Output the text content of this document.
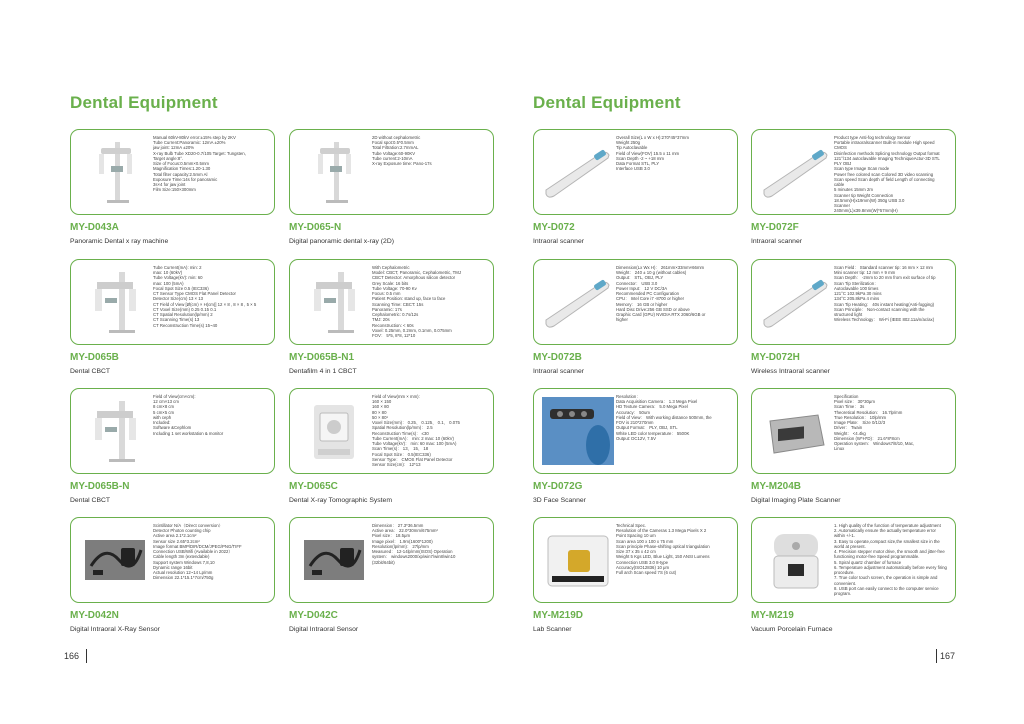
Dental Equipment
166
Manual 60kV-80kV error:±15% step by 2KV
Tube Current:Panoramic: 12mA ±20%
jaw joint: 12mA ±20%
X-ray Bulb Tube XD20-0.7/105 Target: Tungsten,
Target angle:8°.
Size of Focus:0.5mm×0.5mm
Magnification Times:1.20-1.30
Total filter capacity:2.5mm Al
Exposure Time:14s for panoramic
3s×4 for jaw joint
Film Size:150×300mm
MY-D043A
Panoramic Dental x ray machine
2D without cephalometric
Focal spot:0.5*0.5mm
Total Filtration:2.7mmAL
Tube Voltage:60-90KV
Tube current:2-10mA
X-ray Exposure time: Pano-17s
MY-D065-N
Digital panoramic dental x-ray (2D)
Tube Current(mA): min: 2
max: 10 (60kV)
Tube Voltage(kV): min: 60
max: 100 (5mA)
Focal Spot Size 0.5 (IEC336)
CT Sensor Type CMOS Flat Panel Detector
Detector Size(cm) 13 × 13
CT Field of View [Ø(cm) × H(cm)] 12 × 8 , 8 × 8 , 5 × 5
CT Voxel Size(mm) 0.25 0.15 0.1
CT Spatial Resolution(lp/mm) 2
CT Scanning Time(s) 13
CT Reconstruction Time(s) 15~40
MY-D065B
Dental CBCT
With Cephalometric
Model: CBCT, Panoramic, Cephalometric, TMJ
CBCT Detector: Amorphous silicon detector
Grey Scale: 16 bits
Tube Voltage: 70-90 Kv
Focus: 0.5 mm
Patient Position: stand up, face to face
Scanning Time: CBCT: 15s
Panoramic: 17s
Cephalometric: 0.7s/12s
TMJ: 20s
Reconstruction: < 60s
Voxel: 0.25mm, 0.2mm, 0.1mm, 0.075mm
FOV： 5*5, 8*8, 12*10
MY-D065B-N1
Dentafilm 4 in 1 CBCT
Field of View(cm×cm):
12 cm×13 cm
8 cm×8 cm
5 cm×5 cm
with ceph
Included:
Software &Cephlom
Including 1 set workstation & monitor
MY-D065B-N
Dental CBCT
Field of View(mm × mm)：
160 × 150
160 × 80
80 × 80
50 × 80¹
Voxel Size(mm)： 0.25、 0.125、 0.1、 0.075
Spatial Resolution(lp/mm)： 2.5
Reconstruction Time(s)： ≤30
Tube Current(mA)： min: 2 max: 10 (60kV)
Tube Voltage(kV)： min: 60 max: 100 (5mA)
Scan Time(s)： 13、 15、 18
Focal Spot Size： 0.5(IEC336)
Sensor Type： CMOS Flat Panel Detector
Sensor Size(cm)： 12*13
MY-D065C
Dental X-ray Tomographic System
Scintillator N/A（Direct conversion）
Detector Photon counting chip
Active area 2.1*2.1cm²
Sensor size 2.65*3.2cm²
Image format BMP/DIR/DCM/JPEG/PNG/TIFF
Connection USB/Wifi (Available in 2022）
Cable length 3m (extendable)
Support system Windows 7,8,10
Dynamic range 16bit
Actual resolution 12~14 Lp/mm
Dimension 22.1*15.1*7cm/750g
MY-D042N
Digital Intraoral X-Ray Sensor
Dimension： 27.3*36.5mm
Active area： 22.0*30mm/675mm²
Pixel size： 18.5μm
Image pixel： 1.9m(1600*1200)
Resolution(lp/mm)： 27lp/mm
Measured： 12-14lp/mm(ISOS) Operation
system： windows2000/xp/win7/win8/win10
(32bit/64bit)
MY-D042C
Digital Intraoral Sensor
Dental Equipment
167
Overall Size(L x W x H):270*45*37mm
Weight 250g
Tip Autoclavable
Field of View(FOV) 15.5 x 11 mm
Scan Depth -2 ~ +18 mm
Data Format STL, PLY
Interface USB 3.0
MY-D072
Intraoral scanner
Product type Anti-fog technology Sensor
Portable intraoralscanner Built-in module High speed
CMOS
Disinfection methods Splicing technology Output format
121°/134 autoclavable Imaging TechniqueActur-3D STL
PLY OBJ
Scan type Image Scan mode
Power free colored scan Colored 3D video scanning
Scan speed Scan depth of field Length of connecting
cable
5 minutes 15mm 2m
Scanner tip Weight Connection
18.5mm(H)x19mm(W) 350g USB 3.0
Scanner
240mm(L)x39.8mm(W)*57mm(H)
MY-D072F
Intraoral scanner
Dimension(Lx Wx H)： 261mm×33mm×66mm
Weight： 240 ± 10 g (without cables)
Output： STL, OBJ, PLY
Connector： USB 3.0
Power Input： 12 V DC/3A
Recommended PC Configuration
CPU： Intel Core i7 -8700 or higher
Memory： 16 GB or higher
Hard Disc Drive:256 GB SSD or above
Graphic Card (GPU) NVIDIA RTX 2060/6GB or
higher
MY-D072B
Intraoral scanner
Scan Field： Standard scanner tip: 16 mm × 12 mm
Mini scanner tip: 12 mm × 9 mm
Scan Depth： -2mm to 20 mm from exit surface of tip
Scan Tip Sterilization：
Autoclavable 100 times
121°C 102.9kPa 30 mins
134°C 205.8kPa 4 mins
Scan Tip Heating： 40s instant heating(Anti-fogging)
Scan Principle： Non-contact scanning with the
structured light
Wireless Technology： Wi-Fi (IEEE 802.11a/n/ac/ax)
MY-D072H
Wireless Intraoral scanner
Resolution：
Data Acquisition Camera： 1.3 Mega Pixel
HD Texture Camera： 5.0 Mega Pixel
Accuracy： 50um
Field of View： With working distance 500mm, the
FOV is 210*270mm
Output Format： PLY, OBJ, STL
White LED color temperature： 5500K
Output: DC12V, 7.5V
MY-D072G
3D Face Scanner
Specification
Pixel size： 30*30μm
Scan Time： 3s
Theoretical Resolution： 16.7lp/mm
True Resolution： 10lp/mm
Image Plate： Size 0/1/2/3
Driver： Twain
Weight： <4.4kg
Dimension (W*H*D)： 21.6*8*8cm
Operation system： Windows7/8/10, Mac,
Linux
MY-M204B
Digital Imaging Plate Scanner
Technical Spec.
Resolution of the Cameras 1.3 Mega Pixels X 2
Point Spacing 10 um
Scan area 100 x 100 x 75 mm
Scan principle Phase-shifting optical triangulation
Size 37 x 35 x 42 cm
Weight 5 Kgs LED, Blue Light, 150 ANSI Lumens
Connection USB 3.0 8-type
Accuracy(ISO12836) 10 μm
Full arch Scan speed 7S (6 cut)
MY-M219D
Lab Scanner
1. High quality of the function of temperature adjustment
2. Automatically ensure the actually temperature error
within +/-1.
3. Easy to operate,compact size,the smallest size in the
world at present.
4. Precision stepper motor drive, the smooth and jitter-free
functioning motor-free Speed programmable.
5. Spiral quartz chamber of furnace
6. Temperature adjustment automatically before every firing
procedure.
7. True color touch screen, the operation is simple and
convenient.
8. USB port can easily connect to the computer service
program.
MY-M219
Vacuum Porcelain Furnace
